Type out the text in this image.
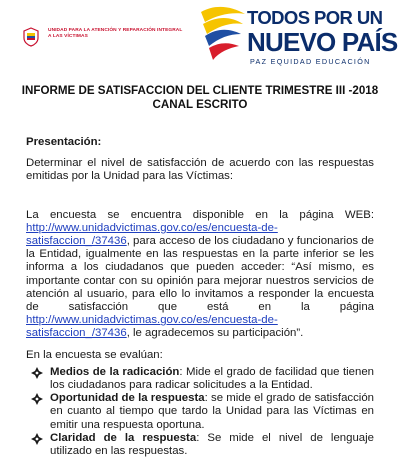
UNIDAD PARA LA ATENCIÓN Y REPARACIÓN INTEGRAL A LAS VÍCTIMAS
TODOS POR UN
NUEVO PAÍS
PAZ EQUIDAD EDUCACIÓN
INFORME DE SATISFACCION DEL CLIENTE TRIMESTRE III -2018
CANAL ESCRITO

Presentación:

Determinar el nivel de satisfacción de acuerdo con las respuestas emitidas por la Unidad para las Víctimas:

La encuesta se encuentra disponible en la página WEB: http://www.unidadvictimas.gov.co/es/encuesta-de-satisfaccion_/37436, para acceso de los ciudadano y funcionarios de la Entidad, igualmente en las respuestas en la parte inferior se les informa a los ciudadanos que pueden acceder: “Así mismo, es importante contar con su opinión para mejorar nuestros servicios de atención al usuario, para ello lo invitamos a responder la encuesta de satisfacción que está en la página http://www.unidadvictimas.gov.co/es/encuesta-de-satisfaccion_/37436, le agradecemos su participación”.

En la encuesta se evalúan:

Medios de la radicación: Mide el grado de facilidad que tienen los ciudadanos para radicar solicitudes a la Entidad.
Oportunidad de la respuesta: se mide el grado de satisfacción en cuanto al tiempo que tardo la Unidad para las Víctimas en emitir una respuesta oportuna.
Claridad de la respuesta: Se mide el nivel de lenguaje utilizado en las respuestas.
